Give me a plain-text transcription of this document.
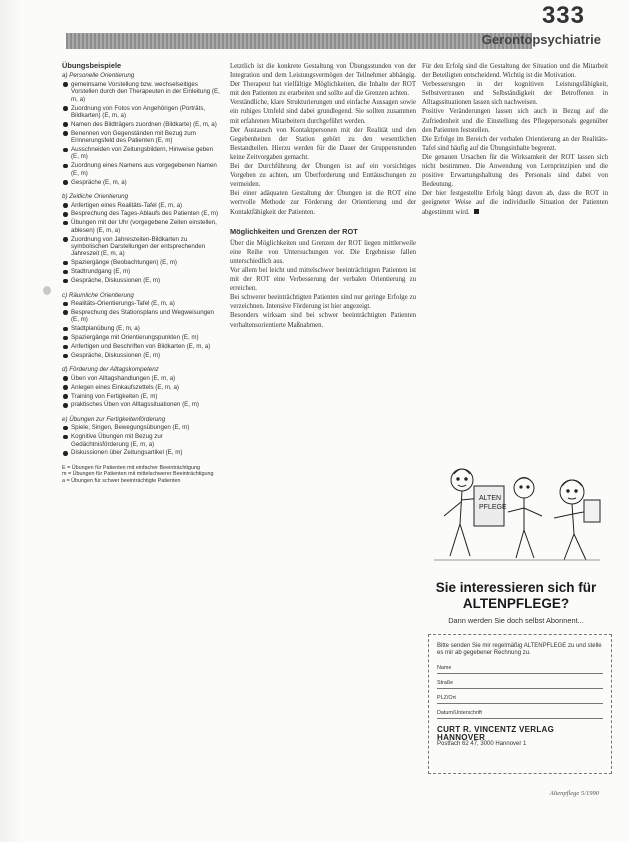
333
Gerontopsychiatrie
Übungsbeispiele
a) Personelle Orientierung
gemeinsame Vorstellung bzw. wechselseitiges Vorstellen durch den Therapeuten in der Einleitung (E, m, a)
Zuordnung von Fotos von Angehörigen (Porträts, Bildkarten) (E, m, a)
Namen des Bildträgers zuordnen (Bildkarte) (E, m, a)
Benennen von Gegenständen mit Bezug zum Erinnerungsfeld des Patienten (E, m)
Ausschneiden von Zeitungsbildern, Hinweise geben (E, m)
Zuordnung eines Namens aus vorgegebenen Namen (E, m)
Gespräche (E, m, a)
b) Zeitliche Orientierung
Anfertigen eines Realitäts-Tafel (E, m, a)
Besprechung des Tages-Ablaufs des Patienten (E, m)
Übungen mit der Uhr (vorgegebene Zeiten einstellen, ablesen) (E, m, a)
Zuordnung von Jahreszeiten-Bildkarten zu symbolischen Darstellungen der entsprechenden Jahreszeit (E, m, a)
Spaziergänge (Beobachtungen) (E, m)
Stadtrundgang (E, m)
Gespräche, Diskussionen (E, m)
c) Räumliche Orientierung
Realitäts-Orientierungs-Tafel (E, m, a)
Besprechung des Stationsplans und Wegweisungen (E, m)
Stadtplanübung (E, m, a)
Spaziergänge mit Orientierungspunkten (E, m)
Anfertigen und Beschriften von Bildkarten (E, m, a)
Gespräche, Diskussionen (E, m)
d) Förderung der Alltagskompetenz
Üben von Alltagshandlungen (E, m, a)
Anlegen eines Einkaufszettels (E, m, a)
Training von Fertigkeiten (E, m)
praktisches Üben von Alltagssituationen (E, m)
e) Übungen zur Fertigkeitenförderung
Spiele, Singen, Bewegungsübungen (E, m)
Kognitive Übungen mit Bezug zur Gedächtnisförderung (E, m, a)
Diskussionen über Zeitungsartikel (E, m)
E = Übungen für Patienten mit einfacher Beeinträchtigung
m = Übungen für Patienten mit mittelschwerer Beeinträchtigung
a = Übungen für schwer beeinträchtigte Patienten

Letztlich ist die konkrete Gestaltung von Übungsstunden von der Integration und dem Leistungsvermögen der Teilnehmer abhängig. Der Therapeut hat vielfältige Möglichkeiten, die Inhalte der ROT mit den Patienten zu erarbeiten und sollte auf die Grenzen achten.

Verständliche, klare Strukturierungen und einfache Aussagen sowie ein ruhiges Umfeld sind dabei grundlegend. Sie sollten zusammen mit erfahrenen Mitarbeitern durchgeführt werden.

Der Austausch von Kontaktpersonen mit der Realität und den Gegebenheiten der Station gehört zu den wesentlichen Bestandteilen. Hierzu werden für die Dauer der Gruppenstunden keine Zeitvorgaben gemacht.

Bei der Durchführung der Übungen ist auf ein vorsichtiges Vorgehen zu achten, um Überforderung und Enttäuschungen zu vermeiden.

Bei einer adäquaten Gestaltung der Übungen ist die ROT eine wertvolle Methode zur Förderung der Orientierung und der Kontaktfähigkeit der Patienten.

Möglichkeiten und Grenzen der ROT

Über die Möglichkeiten und Grenzen der ROT liegen mittlerweile eine Reihe von Untersuchungen vor. Die Ergebnisse fallen unterschiedlich aus.

Vor allem bei leicht und mittelschwer beeinträchtigten Patienten ist mit der ROT eine Verbesserung der verbalen Orientierung zu erreichen.

Bei schwerer beeinträchtigten Patienten sind nur geringe Erfolge zu verzeichnen. Intensive Förderung ist hier angezeigt.

Besonders wirksam sind bei schwer beeinträchtigten Patienten verhaltensorientierte Maßnahmen.

Für den Erfolg sind die Gestaltung der Situation und die Mitarbeit der Beteiligten entscheidend. Wichtig ist die Motivation.

Verbesserungen in der kognitiven Leistungsfähigkeit, Selbstvertrauen und Selbständigkeit der Betroffenen in Alltagssituationen lassen sich nachweisen.

Positive Veränderungen lassen sich auch in Bezug auf die Zufriedenheit und die Einstellung des Pflegepersonals gegenüber den Patienten feststellen.

Die Erfolge im Bereich der verbalen Orientierung an der Realitäts-Tafel sind häufig auf die Übungsinhalte begrenzt.

Die genauen Ursachen für die Wirksamkeit der ROT lassen sich nicht bestimmen. Die Anwendung von Lernprinzipien und die positive Erwartungshaltung des Personals sind dabei von Bedeutung.

Der hier festgestellte Erfolg hängt davon ab, dass die ROT in geeigneter Weise auf die individuelle Situation der Patienten abgestimmt wird.

ALTEN
PFLEGE
Sie interessieren sich für ALTENPFLEGE?
Dann werden Sie doch selbst Abonnent...
Bitte senden Sie mir regelmäßig ALTENPFLEGE zu und stelle es mir ab gegebener Rechnung zu.
Name
Straße
PLZ/Ort
Datum/Unterschrift
CURT R. VINCENTZ VERLAG HANNOVER
Postfach 62 47, 3000 Hannover 1
Altenpflege 5/1990
